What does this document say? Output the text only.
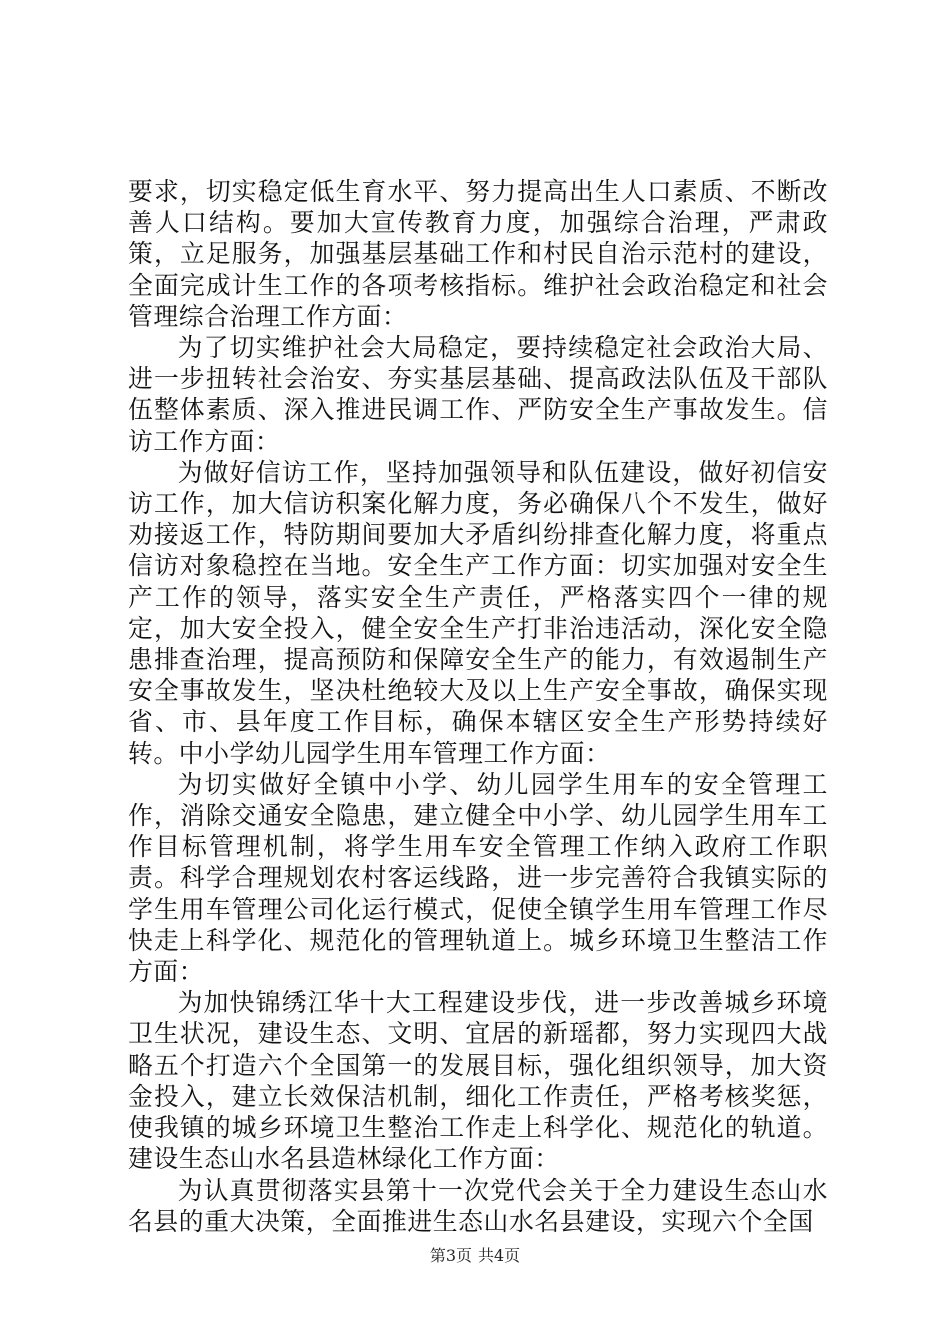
要求，切实稳定低生育水平、努力提高出生人口素质、不断改善人口结构。要加大宣传教育力度，加强综合治理，严肃政策，立足服务，加强基层基础工作和村民自治示范村的建设，全面完成计生工作的各项考核指标。维护社会政治稳定和社会管理综合治理工作方面：

为了切实维护社会大局稳定，要持续稳定社会政治大局、进一步扭转社会治安、夯实基层基础、提高政法队伍及干部队伍整体素质、深入推进民调工作、严防安全生产事故发生。信访工作方面：

为做好信访工作，坚持加强领导和队伍建设，做好初信安访工作，加大信访积案化解力度，务必确保八个不发生，做好劝接返工作，特防期间要加大矛盾纠纷排查化解力度，将重点信访对象稳控在当地。安全生产工作方面：切实加强对安全生产工作的领导，落实安全生产责任，严格落实四个一律的规定，加大安全投入，健全安全生产打非治违活动，深化安全隐患排查治理，提高预防和保障安全生产的能力，有效遏制生产安全事故发生，坚决杜绝较大及以上生产安全事故，确保实现省、市、县年度工作目标，确保本辖区安全生产形势持续好转。中小学幼儿园学生用车管理工作方面：

为切实做好全镇中小学、幼儿园学生用车的安全管理工作，消除交通安全隐患，建立健全中小学、幼儿园学生用车工作目标管理机制，将学生用车安全管理工作纳入政府工作职责。科学合理规划农村客运线路，进一步完善符合我镇实际的学生用车管理公司化运行模式，促使全镇学生用车管理工作尽快走上科学化、规范化的管理轨道上。城乡环境卫生整洁工作方面：

为加快锦绣江华十大工程建设步伐，进一步改善城乡环境卫生状况，建设生态、文明、宜居的新瑶都，努力实现四大战略五个打造六个全国第一的发展目标，强化组织领导，加大资金投入，建立长效保洁机制，细化工作责任，严格考核奖惩，使我镇的城乡环境卫生整治工作走上科学化、规范化的轨道。建设生态山水名县造林绿化工作方面：

为认真贯彻落实县第十一次党代会关于全力建设生态山水名县的重大决策，全面推进生态山水名县建设，实现六个全国

第3页 共4页
